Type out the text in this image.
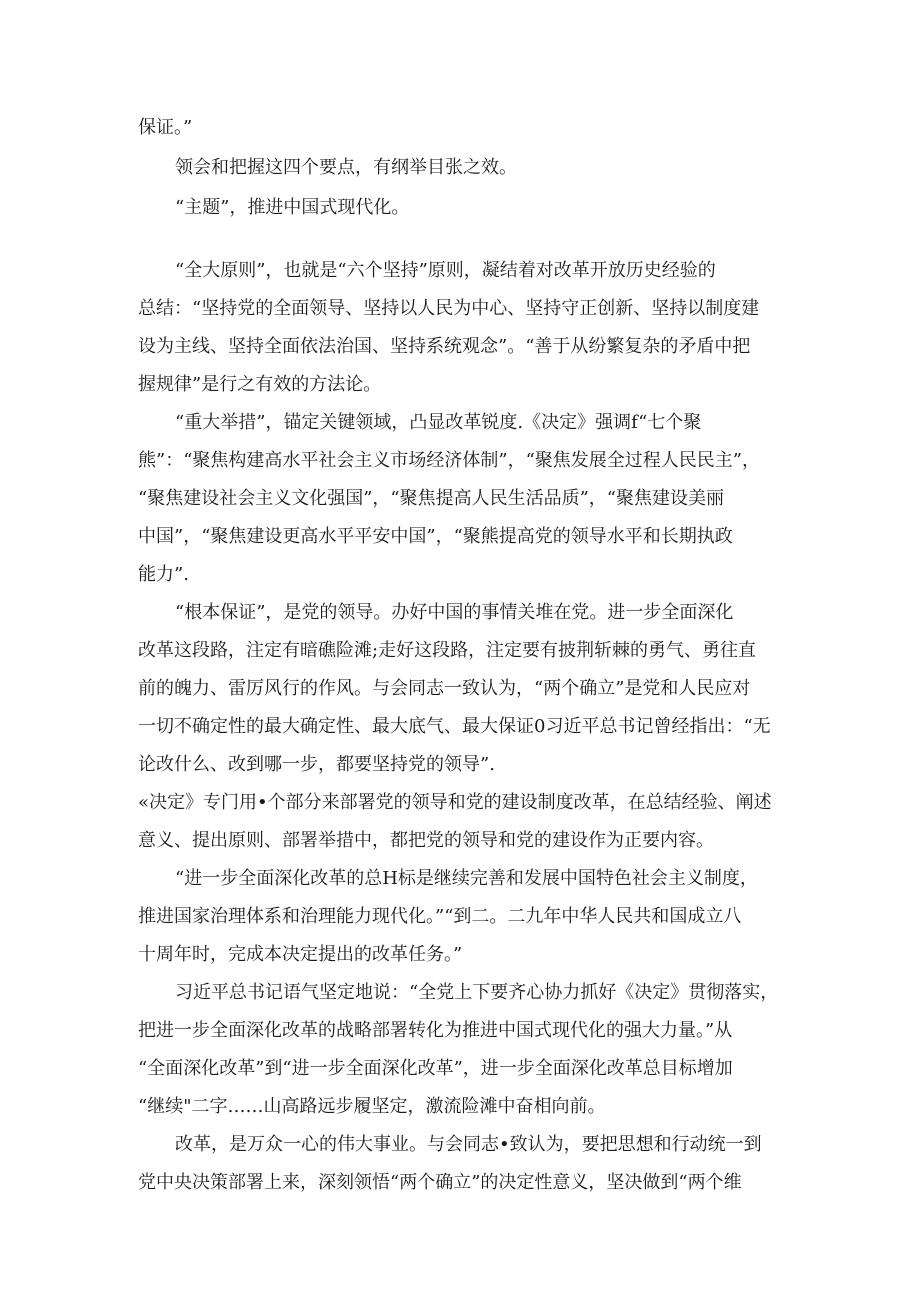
保证。”
领会和把握这四个要点，有纲举目张之效。
“主题”，推进中国式现代化。
“全大原则”，也就是“六个坚持”原则，凝结着对改革开放历史经验的
总结：“坚持党的全面领导、坚持以人民为中心、坚持守正创新、坚持以制度建
设为主线、坚持全面依法治国、坚持系统观念”。“善于从纷繁复杂的矛盾中把
握规律”是行之有效的方法论。
“重大举措”，锚定关键领域，凸显改革锐度.《决定》强调f“七个聚
熊”：“聚焦构建高水平社会主义市场经济体制”，“聚焦发展全过程人民民主”，
“聚焦建设社会主义文化强国”，“聚焦提高人民生活品质”，“聚焦建设美丽
中国”，“聚焦建设更高水平平安中国”，“聚熊提高党的领导水平和长期执政
能力”.
“根本保证”，是党的领导。办好中国的事情关堆在党。进一步全面深化
改革这段路，注定有暗礁险滩;走好这段路，注定要有披荆斩棘的勇气、勇往直
前的魄力、雷厉风行的作风。与会同志一致认为，“两个确立”是党和人民应对
一切不确定性的最大确定性、最大底气、最大保证0习近平总书记曾经指出：“无
论改什么、改到哪一步，都要坚持党的领导”.
«决定》专门用•个部分来部署党的领导和党的建设制度改革，在总结经验、阐述
意义、提出原则、部署举措中，都把党的领导和党的建设作为正要内容。
“进一步全面深化改革的总H标是继续完善和发展中国特色社会主义制度，
推进国家治理体系和治理能力现代化。”“到二。二九年中华人民共和国成立八
十周年时，完成本决定提出的改革任务。”
习近平总书记语气坚定地说：“全党上下要齐心协力抓好《决定》贯彻落实，
把进一步全面深化改革的战略部署转化为推进中国式现代化的强大力量。”从
“全面深化改革”到“进一步全面深化改革”，进一步全面深化改革总目标增加
“继续"二字……山高路远步履坚定，激流险滩中奋相向前。
改革，是万众一心的伟大事业。与会同志•致认为，要把思想和行动统一到
党中央决策部署上来，深刻领悟“两个确立”的决定性意义，坚决做到“两个维
